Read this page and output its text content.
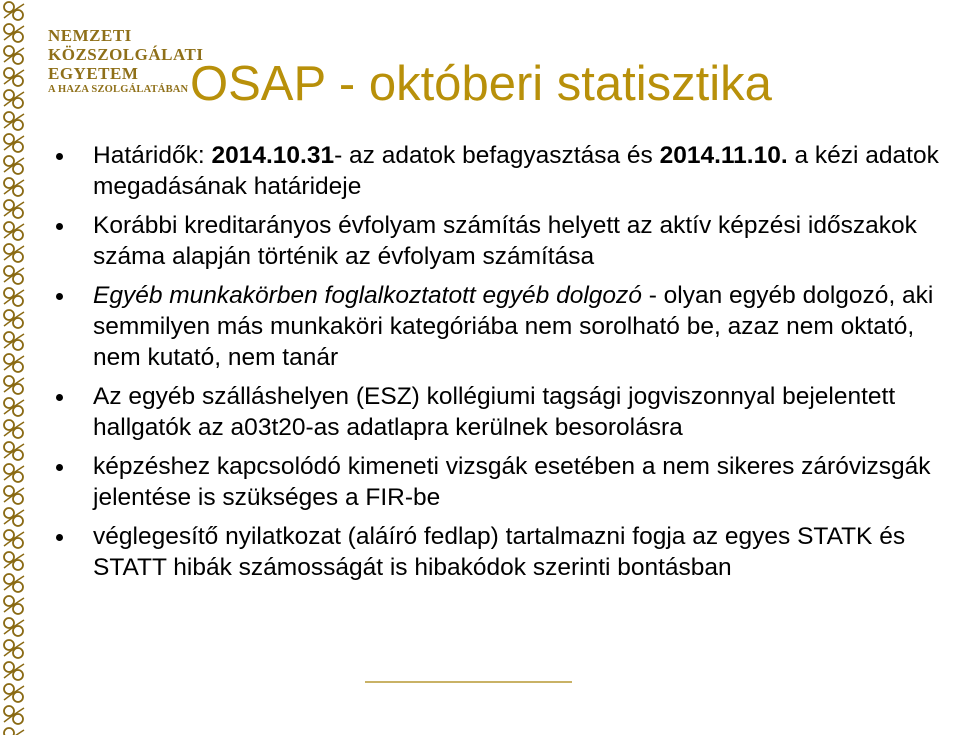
NEMZETI
KÖZSZOLGÁLATI
EGYETEM
A HAZA SZOLGÁLATÁBAN OSAP - októberi statisztika
Határidők: 2014.10.31- az adatok befagyasztása és 2014.11.10. a kézi adatok megadásának határideje
Korábbi kreditarányos évfolyam számítás helyett az aktív képzési időszakok száma alapján történik az évfolyam számítása
Egyéb munkakörben foglalkoztatott egyéb dolgozó - olyan egyéb dolgozó, aki semmilyen más munkaköri kategóriába nem sorolható be, azaz nem oktató, nem kutató, nem tanár
Az egyéb szálláshelyen (ESZ) kollégiumi tagsági jogviszonnyal bejelentett hallgatók az a03t20-as adatlapra kerülnek besorolásra
képzéshez kapcsolódó kimeneti vizsgák esetében a nem sikeres záróvizsgák jelentése is szükséges a FIR-be
véglegesítő nyilatkozat (aláíró fedlap) tartalmazni fogja az egyes STATK és STATT hibák számosságát is hibakódok szerinti bontásban
